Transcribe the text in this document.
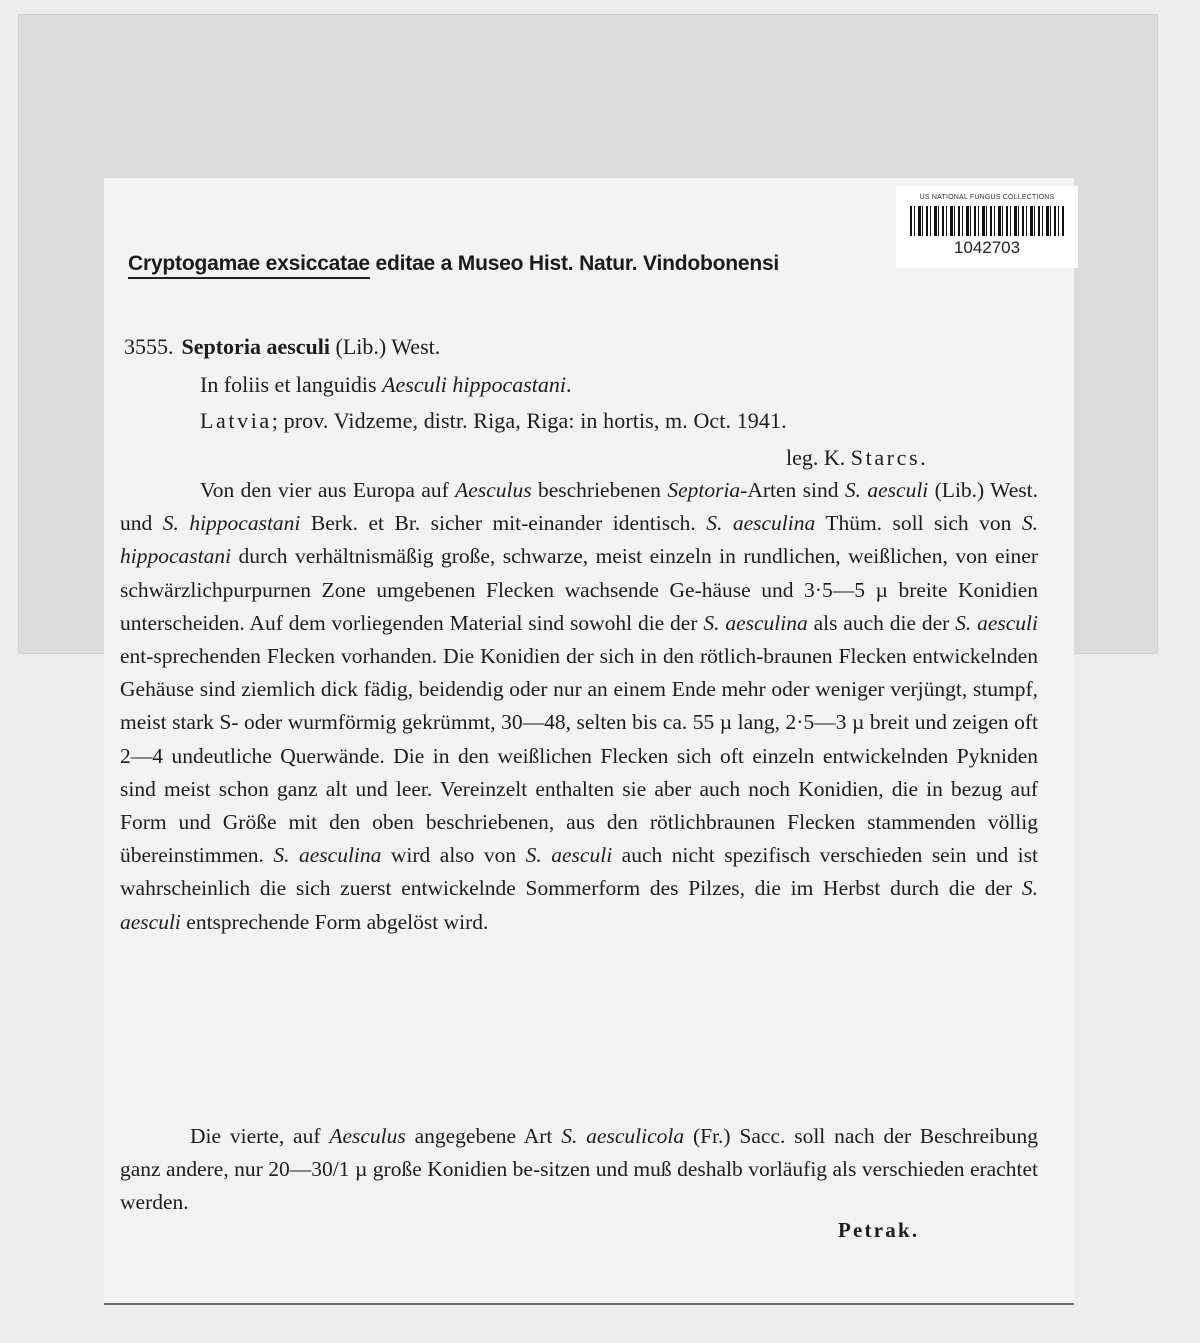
US NATIONAL FUNGUS COLLECTIONS
1042703
Cryptogamae exsiccatae editae a Museo Hist. Natur. Vindobonensi
3555. Septoria aesculi (Lib.) West.
In foliis et languidis Aesculi hippocastani.
Latvia; prov. Vidzeme, distr. Riga, Riga: in hortis, m. Oct. 1941.
leg. K. Starcs.
Von den vier aus Europa auf Aesculus beschriebenen Septoria-Arten sind S. aesculi (Lib.) West. und S. hippocastani Berk. et Br. sicher mit-einander identisch. S. aesculina Thüm. soll sich von S. hippocastani durch verhältnismäßig große, schwarze, meist einzeln in rundlichen, weißlichen, von einer schwärzlichpurpurnen Zone umgebenen Flecken wachsende Ge-häuse und 3·5—5 µ breite Konidien unterscheiden. Auf dem vorliegenden Material sind sowohl die der S. aesculina als auch die der S. aesculi ent-sprechenden Flecken vorhanden. Die Konidien der sich in den rötlich-braunen Flecken entwickelnden Gehäuse sind ziemlich dick fädig, beidendig oder nur an einem Ende mehr oder weniger verjüngt, stumpf, meist stark S- oder wurmförmig gekrümmt, 30—48, selten bis ca. 55 µ lang, 2·5—3 µ breit und zeigen oft 2—4 undeutliche Querwände. Die in den weißlichen Flecken sich oft einzeln entwickelnden Pykniden sind meist schon ganz alt und leer. Vereinzelt enthalten sie aber auch noch Konidien, die in bezug auf Form und Größe mit den oben beschriebenen, aus den rötlichbraunen Flecken stammenden völlig übereinstimmen. S. aesculina wird also von S. aesculi auch nicht spezifisch verschieden sein und ist wahrscheinlich die sich zuerst entwickelnde Sommerform des Pilzes, die im Herbst durch die der S. aesculi entsprechende Form abgelöst wird.
Die vierte, auf Aesculus angegebene Art S. aesculicola (Fr.) Sacc. soll nach der Beschreibung ganz andere, nur 20—30/1 µ große Konidien be-sitzen und muß deshalb vorläufig als verschieden erachtet werden.
Petrak.
